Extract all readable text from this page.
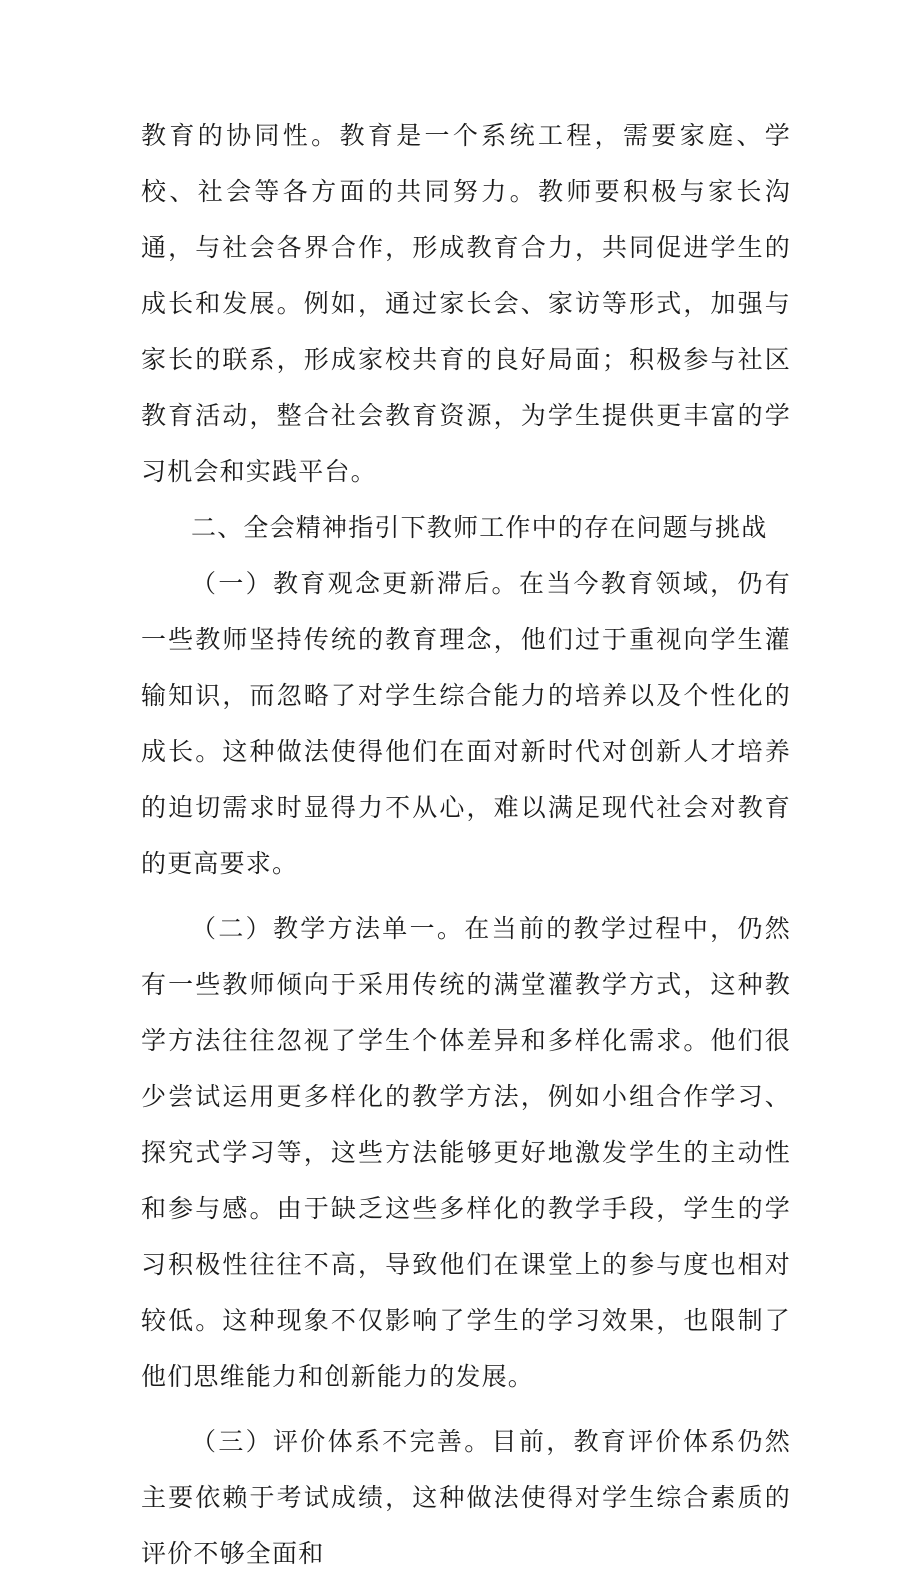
教育的协同性。教育是一个系统工程，需要家庭、学校、社会等各方面的共同努力。教师要积极与家长沟通，与社会各界合作，形成教育合力，共同促进学生的成长和发展。例如，通过家长会、家访等形式，加强与家长的联系，形成家校共育的良好局面；积极参与社区教育活动，整合社会教育资源，为学生提供更丰富的学习机会和实践平台。

二、全会精神指引下教师工作中的存在问题与挑战

（一）教育观念更新滞后。在当今教育领域，仍有一些教师坚持传统的教育理念，他们过于重视向学生灌输知识，而忽略了对学生综合能力的培养以及个性化的成长。这种做法使得他们在面对新时代对创新人才培养的迫切需求时显得力不从心，难以满足现代社会对教育的更高要求。

（二）教学方法单一。在当前的教学过程中，仍然有一些教师倾向于采用传统的满堂灌教学方式，这种教学方法往往忽视了学生个体差异和多样化需求。他们很少尝试运用更多样化的教学方法，例如小组合作学习、探究式学习等，这些方法能够更好地激发学生的主动性和参与感。由于缺乏这些多样化的教学手段，学生的学习积极性往往不高，导致他们在课堂上的参与度也相对较低。这种现象不仅影响了学生的学习效果，也限制了他们思维能力和创新能力的发展。

（三）评价体系不完善。目前，教育评价体系仍然主要依赖于考试成绩，这种做法使得对学生综合素质的评价不够全面和
